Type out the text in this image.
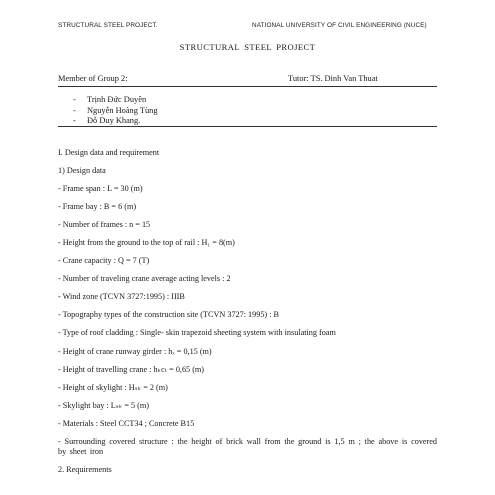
STRUCTURAL STEEL PROJECT.	NATIONAL UNIVERSITY OF CIVIL ENGINEERING (NUCE)
STRUCTURAL STEEL PROJECT
Member of Group 2:	Tutor: TS. Dinh Van Thuat
- Trịnh Đức Duyên
- Nguyễn Hoàng Tùng
- Đỗ Duy Khang.
I. Design data and requirement
1) Design data
- Frame span : L = 30 (m)
- Frame bay : B = 6 (m)
- Number of frames : n = 15
- Height from the ground to the top of rail : H₁ = 8(m)
- Crane capacity : Q = 7 (T)
- Number of traveling crane average acting levels : 2
- Wind zone (TCVN 3727:1995) : IIIB
- Topography types of the construction site (TCVN 3727: 1995) : B
- Type of roof cladding : Single- skin trapezoid sheeting system with insulating foam
- Height of crane runway girder : hₓ = 0,15 (m)
- Height of travelling crane : hₖcₜ = 0,65 (m)
- Height of skylight : Hₛₖ = 2 (m)
- Skylight bay : Lₛₖ = 5 (m)
- Materials : Steel CCT34 ; Concrete B15
- Surrounding covered structure : the height of brick wall from the ground is 1,5 m ; the above is covered by sheet iron
2. Requirements
